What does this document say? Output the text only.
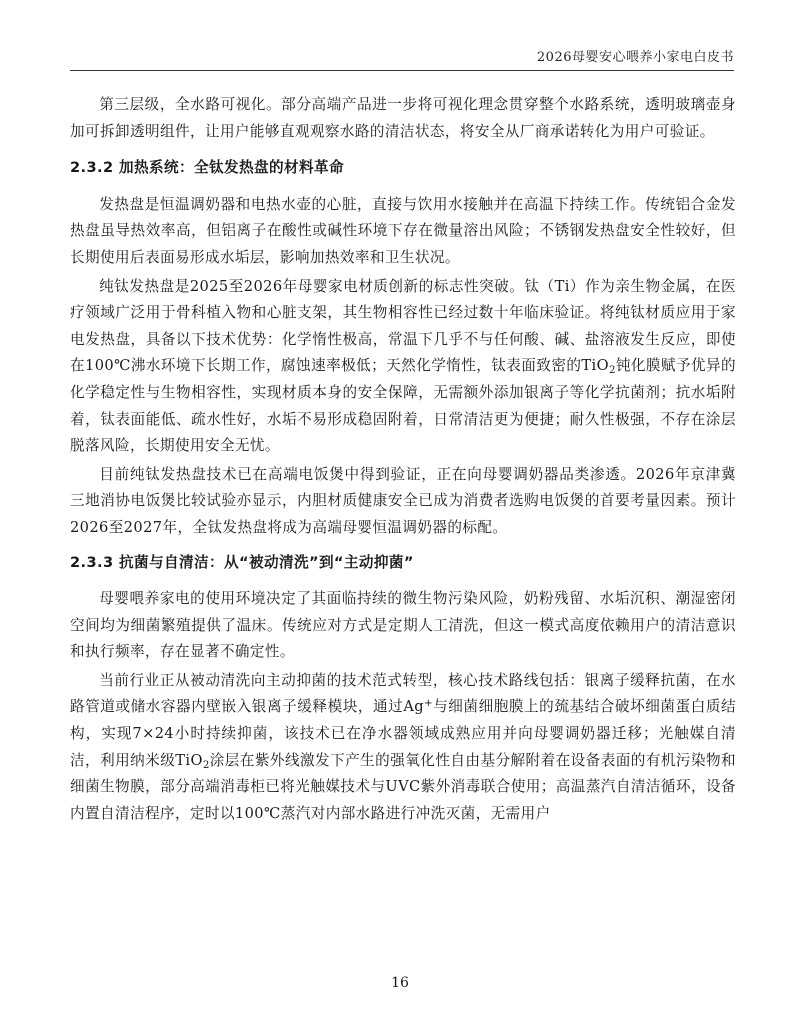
2026母婴安心喂养小家电白皮书

第三层级，全水路可视化。部分高端产品进一步将可视化理念贯穿整个水路系统，透明玻璃壶身加可拆卸透明组件，让用户能够直观观察水路的清洁状态，将安全从厂商承诺转化为用户可验证。

2.3.2 加热系统：全钛发热盘的材料革命

发热盘是恒温调奶器和电热水壶的心脏，直接与饮用水接触并在高温下持续工作。传统铝合金发热盘虽导热效率高，但铝离子在酸性或碱性环境下存在微量溶出风险；不锈钢发热盘安全性较好，但长期使用后表面易形成水垢层，影响加热效率和卫生状况。

纯钛发热盘是2025至2026年母婴家电材质创新的标志性突破。钛（Ti）作为亲生物金属，在医疗领域广泛用于骨科植入物和心脏支架，其生物相容性已经过数十年临床验证。将纯钛材质应用于家电发热盘，具备以下技术优势：化学惰性极高，常温下几乎不与任何酸、碱、盐溶液发生反应，即使在100℃沸水环境下长期工作，腐蚀速率极低；天然化学惰性，钛表面致密的TiO$_2$钝化膜赋予优异的化学稳定性与生物相容性，实现材质本身的安全保障，无需额外添加银离子等化学抗菌剂；抗水垢附着，钛表面能低、疏水性好，水垢不易形成稳固附着，日常清洁更为便捷；耐久性极强，不存在涂层脱落风险，长期使用安全无忧。

目前纯钛发热盘技术已在高端电饭煲中得到验证，正在向母婴调奶器品类渗透。2026年京津冀三地消协电饭煲比较试验亦显示，内胆材质健康安全已成为消费者选购电饭煲的首要考量因素。预计2026至2027年，全钛发热盘将成为高端母婴恒温调奶器的标配。

2.3.3 抗菌与自清洁：从“被动清洗”到“主动抑菌”

母婴喂养家电的使用环境决定了其面临持续的微生物污染风险，奶粉残留、水垢沉积、潮湿密闭空间均为细菌繁殖提供了温床。传统应对方式是定期人工清洗，但这一模式高度依赖用户的清洁意识和执行频率，存在显著不确定性。

当前行业正从被动清洗向主动抑菌的技术范式转型，核心技术路线包括：银离子缓释抗菌，在水路管道或储水容器内壁嵌入银离子缓释模块，通过Ag+与细菌细胞膜上的巯基结合破坏细菌蛋白质结构，实现7×24小时持续抑菌，该技术已在净水器领域成熟应用并向母婴调奶器迁移；光触媒自清洁，利用纳米级TiO$_2$涂层在紫外线激发下产生的强氧化性自由基分解附着在设备表面的有机污染物和细菌生物膜，部分高端消毒柜已将光触媒技术与UVC紫外消毒联合使用；高温蒸汽自清洁循环，设备内置自清洁程序，定时以100℃蒸汽对内部水路进行冲洗灭菌，无需用户

16
